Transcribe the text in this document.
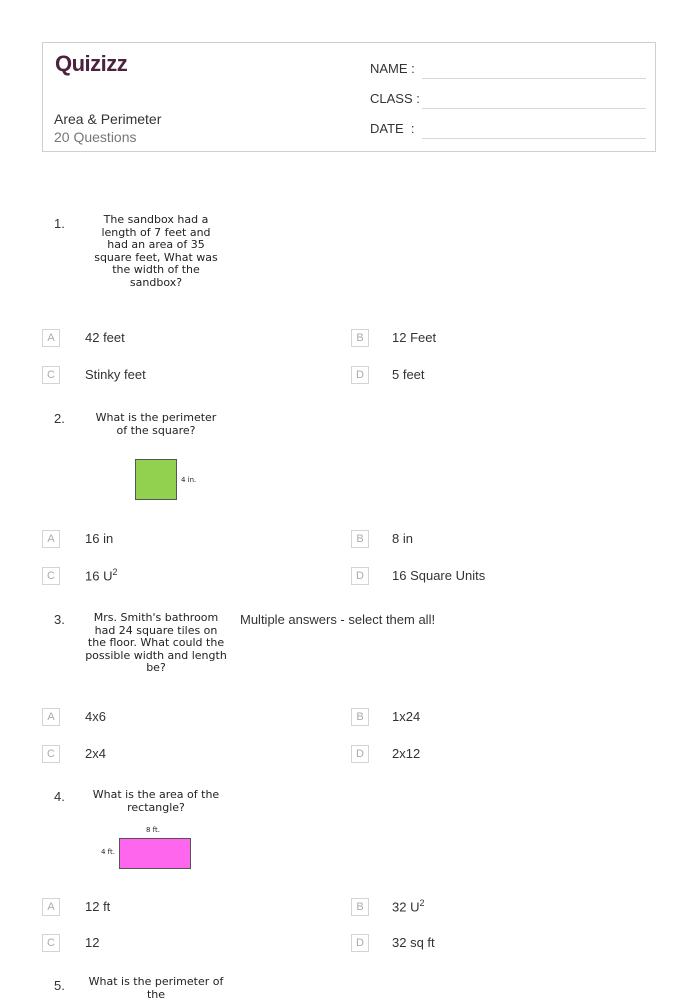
Quizizz
Area & Perimeter
20 Questions
NAME :
CLASS :
DATE  :
1.	The sandbox had a
length of 7 feet and
had an area of 35
square feet, What was
the width of the
sandbox?
A	42 feet	B	12 Feet
C	Stinky feet	D	5 feet
2.	What is the perimeter
of the square?
4 in.
A	16 in	B	8 in
C	16 $U^2$	D	16 Square Units
3.	Mrs. Smith's bathroom
had 24 square tiles on
the floor. What could the
possible width and length
be?
Multiple answers - select them all!
A	4x6	B	1x24
C	2x4	D	2x12
4.	What is the area of the
rectangle?
8 ft.
4 ft.
A	12 ft	B	32 $U^2$
C	12	D	32 sq ft
5.	What is the perimeter of the
